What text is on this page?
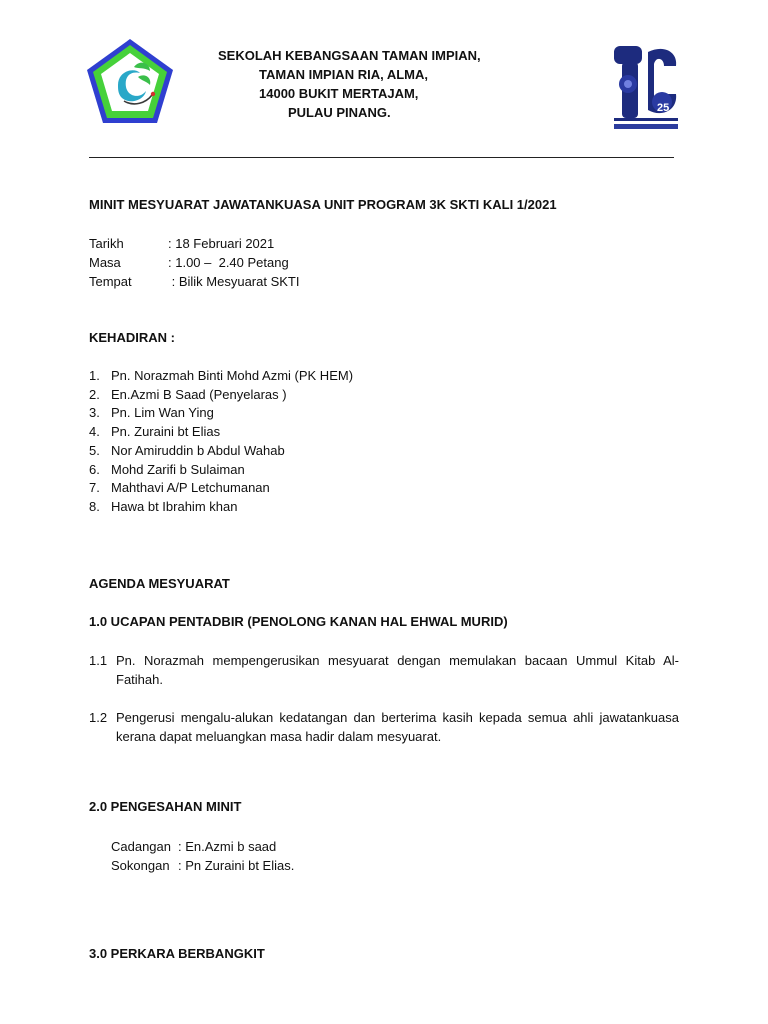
SEKOLAH KEBANGSAAN TAMAN IMPIAN,
TAMAN IMPIAN RIA, ALMA,
14000 BUKIT MERTAJAM,
PULAU PINANG.	25
MINIT MESYUARAT JAWATANKUASA UNIT PROGRAM 3K SKTI KALI 1/2021
Tarikh	: 18 Februari 2021
Masa	: 1.00 –  2.40 Petang
Tempat	: Bilik Mesyuarat SKTI
KEHADIRAN :
1. Pn. Norazmah Binti Mohd Azmi (PK HEM)
2. En.Azmi B Saad (Penyelaras )
3. Pn. Lim Wan Ying
4. Pn. Zuraini bt Elias
5. Nor Amiruddin b Abdul Wahab
6. Mohd Zarifi b Sulaiman
7. Mahthavi A/P Letchumanan
8. Hawa bt Ibrahim khan
AGENDA MESYUARAT
1.0 UCAPAN PENTADBIR (PENOLONG KANAN HAL EHWAL MURID)
1.1 Pn. Norazmah mempengerusikan mesyuarat dengan memulakan bacaan Ummul Kitab Al-Fatihah.
1.2 Pengerusi mengalu-alukan kedatangan dan berterima kasih kepada semua ahli jawatankuasa kerana dapat meluangkan masa hadir dalam mesyuarat.
2.0 PENGESAHAN MINIT
Cadangan : En.Azmi b saad
Sokongan : Pn Zuraini bt Elias.
3.0 PERKARA BERBANGKIT
